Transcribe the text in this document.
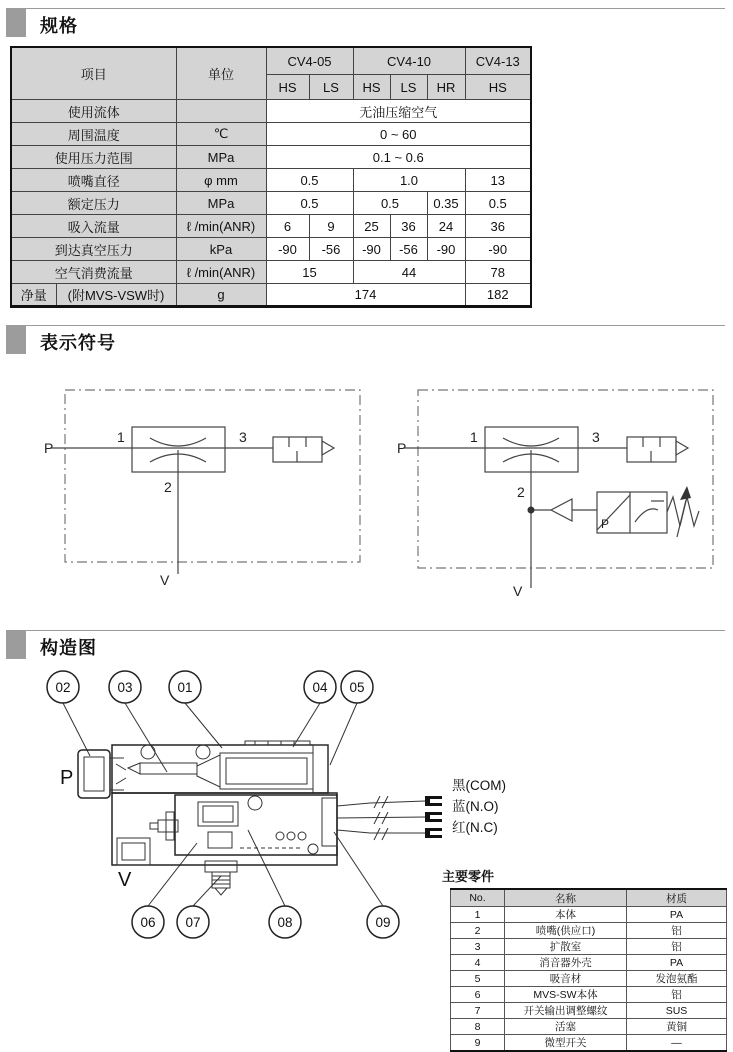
规格
项目		单位	CV4-05		CV4-10			CV4-13
			HS	LS	HS	LS	HR	HS
使用流体			无油压缩空气					
周围温度		℃	0 ~ 60					
使用压力范围		MPa	0.1 ~ 0.6					
喷嘴直径		φ mm	0.5		1.0			13
额定压力		MPa	0.5		0.5		0.35	0.5
吸入流量		ℓ /min(ANR)	6	9	25	36	24	36
到达真空压力		kPa	-90	-56	-90	-56	-90	-90
空气消费流量		ℓ /min(ANR)	15		44			78
净量	(附MVS-VSW时)	g	174					182
表示符号
P
1	3
2
V
P
1	3
2
V
P
构造图
P
V
02	03	01	04 05
06 07	08	09
黑(COM)
蓝(N.O)
红(N.C)
主要零件
No.	名称	材质
1	本体	PA
2	喷嘴(供应口)	铝
3	扩散室	铝
4	消音器外壳	PA
5	吸音材	发泡氨酯
6	MVS-SW本体	铝
7	开关输出调整螺纹	SUS
8	活塞	黄铜
9	微型开关	—
